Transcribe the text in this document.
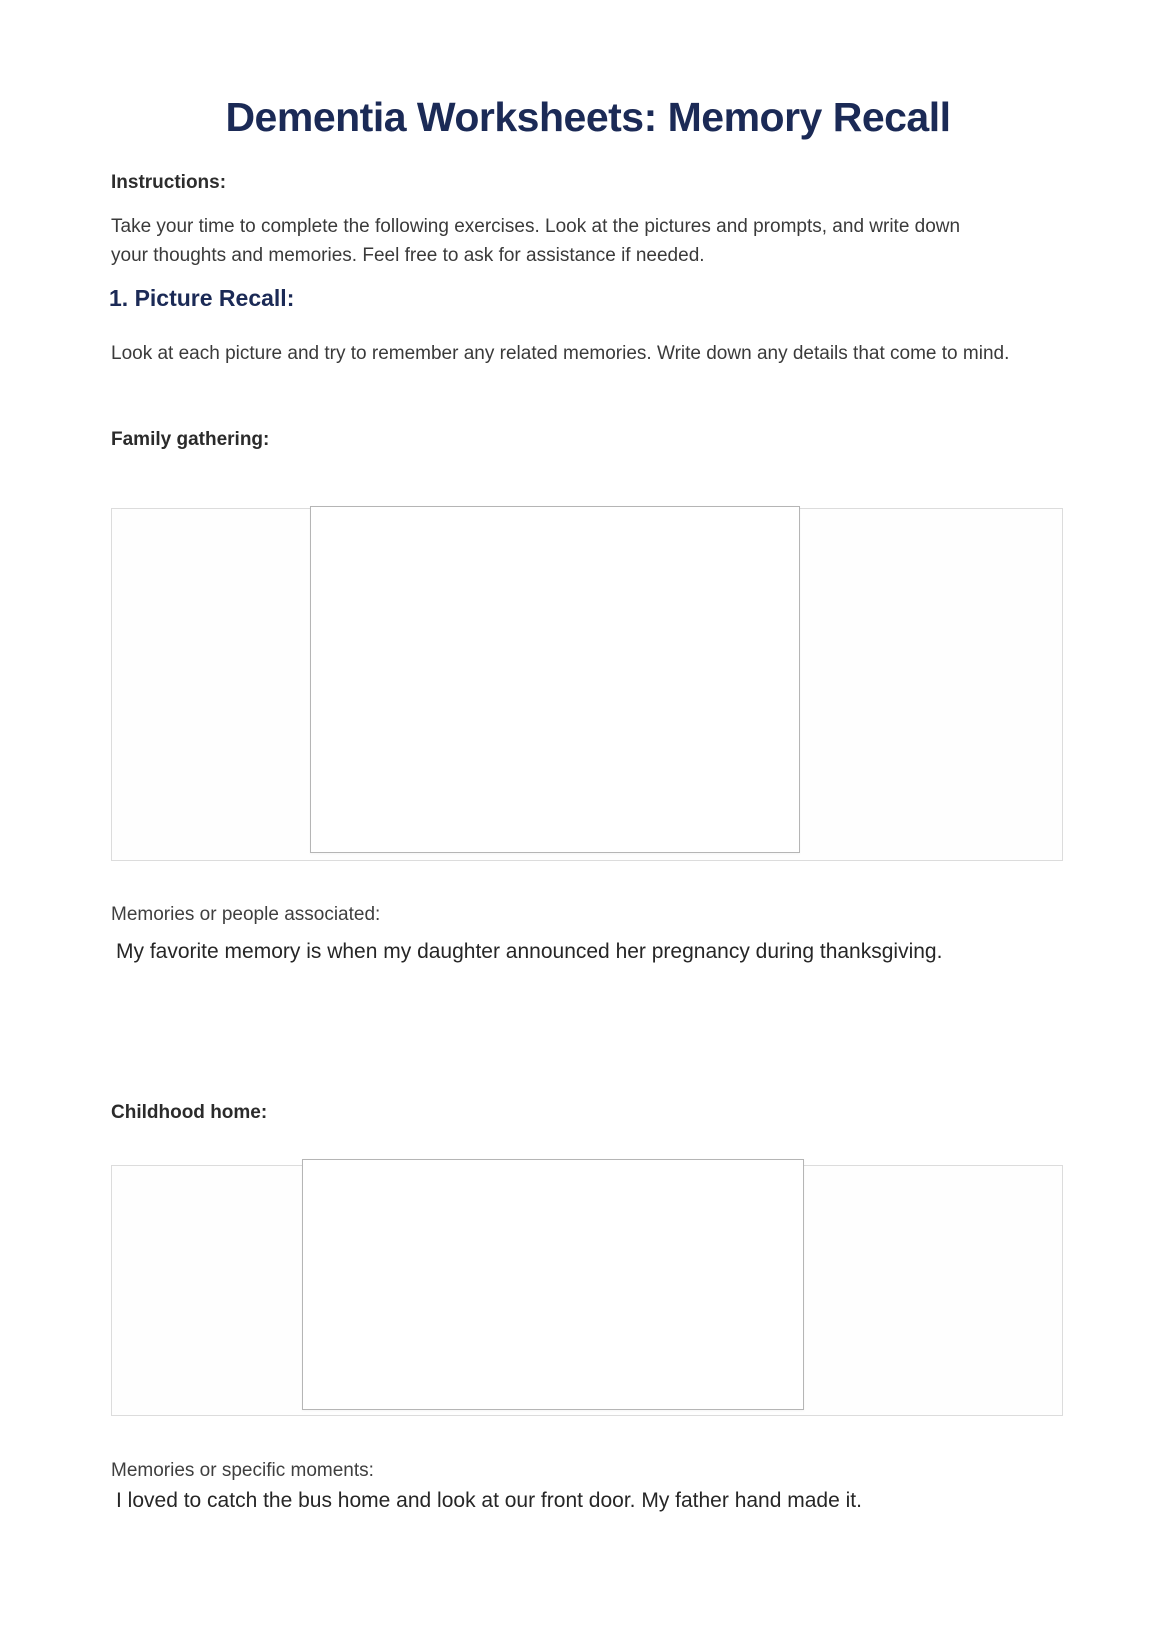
Dementia Worksheets: Memory Recall
Instructions:

Take your time to complete the following exercises. Look at the pictures and prompts, and write down your thoughts and memories. Feel free to ask for assistance if needed.

1. Picture Recall:

Look at each picture and try to remember any related memories. Write down any details that come to mind.

Family gathering:
Memories or people associated:
My favorite memory is when my daughter announced her pregnancy during thanksgiving.
Childhood home:
Memories or specific moments:
I loved to catch the bus home and look at our front door. My father hand made it.
